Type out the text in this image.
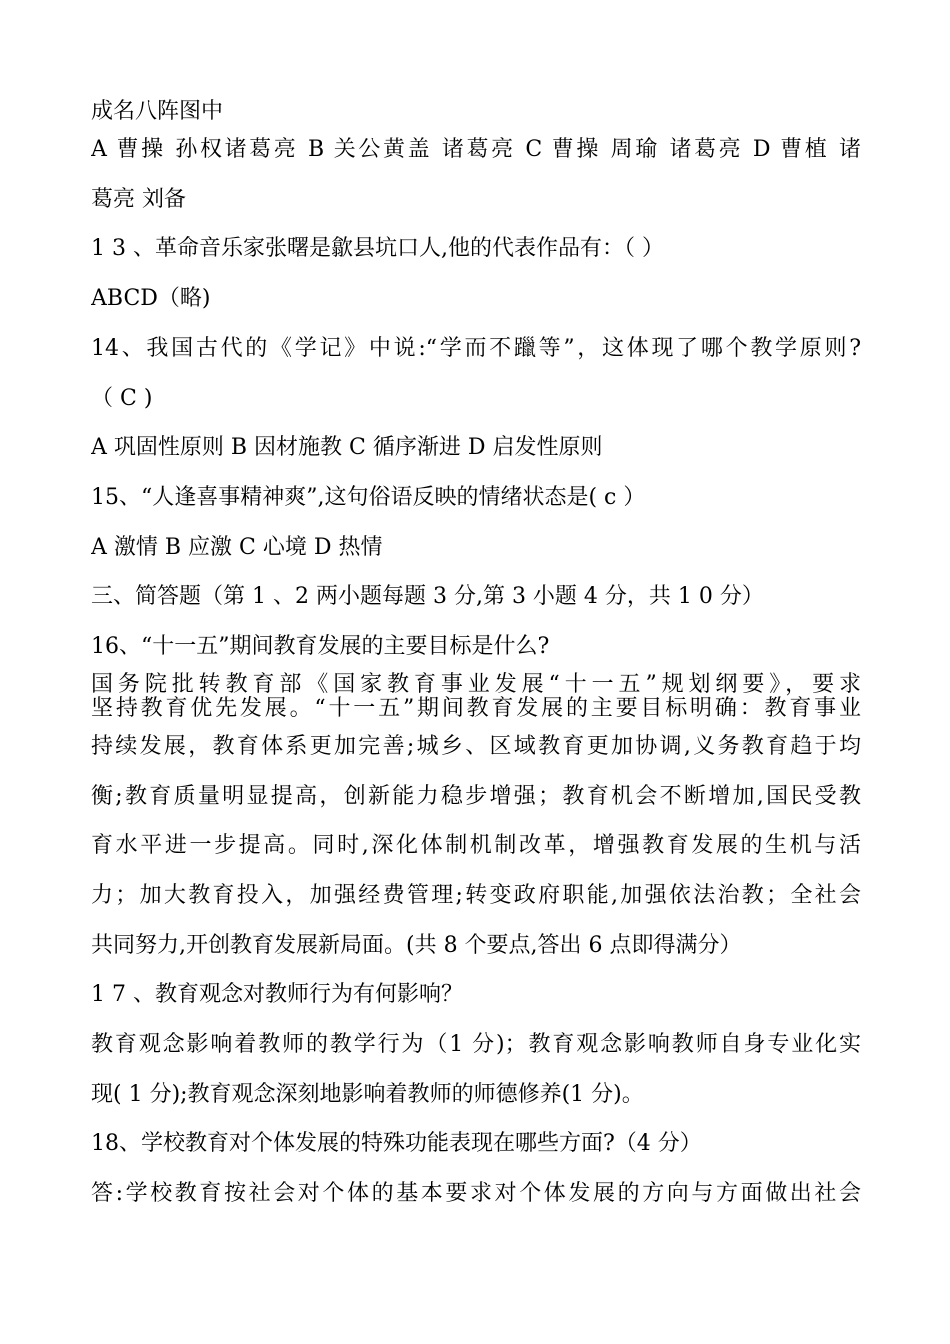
成名八阵图中
A 曹操 孙权诸葛亮 B 关公黄盖 诸葛亮 C 曹操 周瑜 诸葛亮 D 曹植 诸
葛亮 刘备
1 3 、革命音乐家张曙是歙县坑口人,他的代表作品有：（ ）
ABCD（略)
14、我国古代的《学记》中说:“学而不躐等”，这体现了哪个教学原则?
（ C )
A 巩固性原则 B 因材施教 C 循序渐进 D 启发性原则
15、“人逢喜事精神爽”,这句俗语反映的情绪状态是( c ）
A 激情 B 应激 C 心境 D 热情
三、简答题（第 1 、2 两小题每题 3 分,第 3 小题 4 分，共 1 0 分）
16、“十一五”期间教育发展的主要目标是什么?
国务院批转教育部《国家教育事业发展“十一五”规划纲要》，要求
坚持教育优先发展。“十一五”期间教育发展的主要目标明确：教育事业
持续发展，教育体系更加完善;城乡、区域教育更加协调,义务教育趋于均
衡;教育质量明显提高，创新能力稳步增强；教育机会不断增加,国民受教
育水平进一步提高。同时,深化体制机制改革，增强教育发展的生机与活
力；加大教育投入，加强经费管理;转变政府职能,加强依法治教；全社会
共同努力,开创教育发展新局面。(共 8 个要点,答出 6 点即得满分）
1 7 、教育观念对教师行为有何影响？
教育观念影响着教师的教学行为（1 分)；教育观念影响教师自身专业化实
现( 1 分);教育观念深刻地影响着教师的师德修养(1 分)。
18、学校教育对个体发展的特殊功能表现在哪些方面?（4 分）
答:学校教育按社会对个体的基本要求对个体发展的方向与方面做出社会
